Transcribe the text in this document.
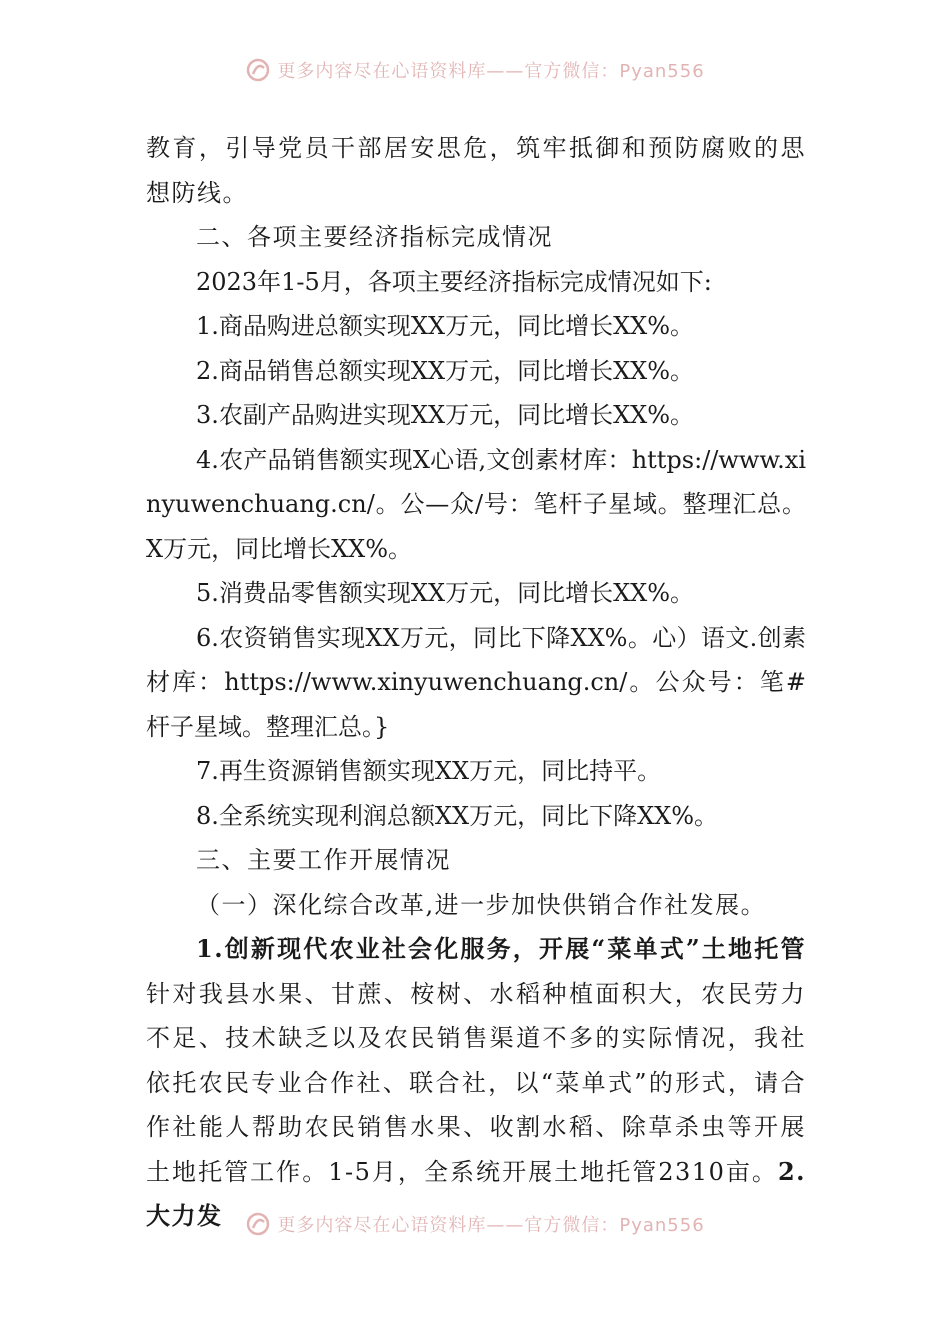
更多内容尽在心语资料库——官方微信：Pyan556

教育，引导党员干部居安思危，筑牢抵御和预防腐败的思想防线。

二、各项主要经济指标完成情况

2023年1-5月，各项主要经济指标完成情况如下:

1.商品购进总额实现XX万元，同比增长XX%。

2.商品销售总额实现XX万元，同比增长XX%。

3.农副产品购进实现XX万元，同比增长XX%。

4.农产品销售额实现X心语,文创素材库：https://www.xinyuwenchuang.cn/。公—众/号：笔杆子星域。整理汇总。X万元，同比增长XX%。

5.消费品零售额实现XX万元，同比增长XX%。

6.农资销售实现XX万元，同比下降XX%。心）语文.创素材库：https://www.xinyuwenchuang.cn/。公众号：笔#杆子星域。整理汇总。}

7.再生资源销售额实现XX万元，同比持平。

8.全系统实现利润总额XX万元，同比下降XX%。

三、主要工作开展情况

（一）深化综合改革,进一步加快供销合作社发展。

1.创新现代农业社会化服务，开展“菜单式”土地托管针对我县水果、甘蔗、桉树、水稻种植面积大，农民劳力不足、技术缺乏以及农民销售渠道不多的实际情况，我社依托农民专业合作社、联合社，以“菜单式”的形式，请合作社能人帮助农民销售水果、收割水稻、除草杀虫等开展土地托管工作。1-5月，全系统开展土地托管2310亩。2.大力发	更多内容尽在心语资料库——官方微信：Pyan556
